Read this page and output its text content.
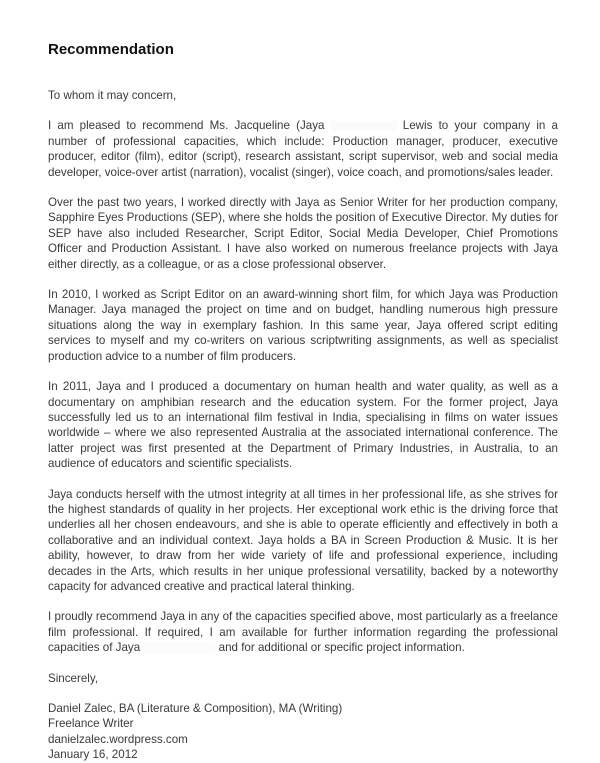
Recommendation
To whom it may concern,

I am pleased to recommend Ms. Jacqueline (Jaya	Lewis to your company in a number of professional capacities, which include: Production manager, producer, executive producer, editor (film), editor (script), research assistant, script supervisor, web and social media developer, voice-over artist (narration), vocalist (singer), voice coach, and promotions/sales leader.

Over the past two years, I worked directly with Jaya as Senior Writer for her production company, Sapphire Eyes Productions (SEP), where she holds the position of Executive Director. My duties for SEP have also included Researcher, Script Editor, Social Media Developer, Chief Promotions Officer and Production Assistant. I have also worked on numerous freelance projects with Jaya either directly, as a colleague, or as a close professional observer.

In 2010, I worked as Script Editor on an award-winning short film, for which Jaya was Production Manager. Jaya managed the project on time and on budget, handling numerous high pressure situations along the way in exemplary fashion. In this same year, Jaya offered script editing services to myself and my co-writers on various scriptwriting assignments, as well as specialist production advice to a number of film producers.

In 2011, Jaya and I produced a documentary on human health and water quality, as well as a documentary on amphibian research and the education system. For the former project, Jaya successfully led us to an international film festival in India, specialising in films on water issues worldwide – where we also represented Australia at the associated international conference. The latter project was first presented at the Department of Primary Industries, in Australia, to an audience of educators and scientific specialists.

Jaya conducts herself with the utmost integrity at all times in her professional life, as she strives for the highest standards of quality in her projects. Her exceptional work ethic is the driving force that underlies all her chosen endeavours, and she is able to operate efficiently and effectively in both a collaborative and an individual context. Jaya holds a BA in Screen Production & Music. It is her ability, however, to draw from her wide variety of life and professional experience, including decades in the Arts, which results in her unique professional versatility, backed by a noteworthy capacity for advanced creative and practical lateral thinking.

I proudly recommend Jaya in any of the capacities specified above, most particularly as a freelance film professional. If required, I am available for further information regarding the professional capacities of Jaya	and for additional or specific project information.

Sincerely,
Daniel Zalec, BA (Literature & Composition), MA (Writing)
Freelance Writer
danielzalec.wordpress.com
January 16, 2012
